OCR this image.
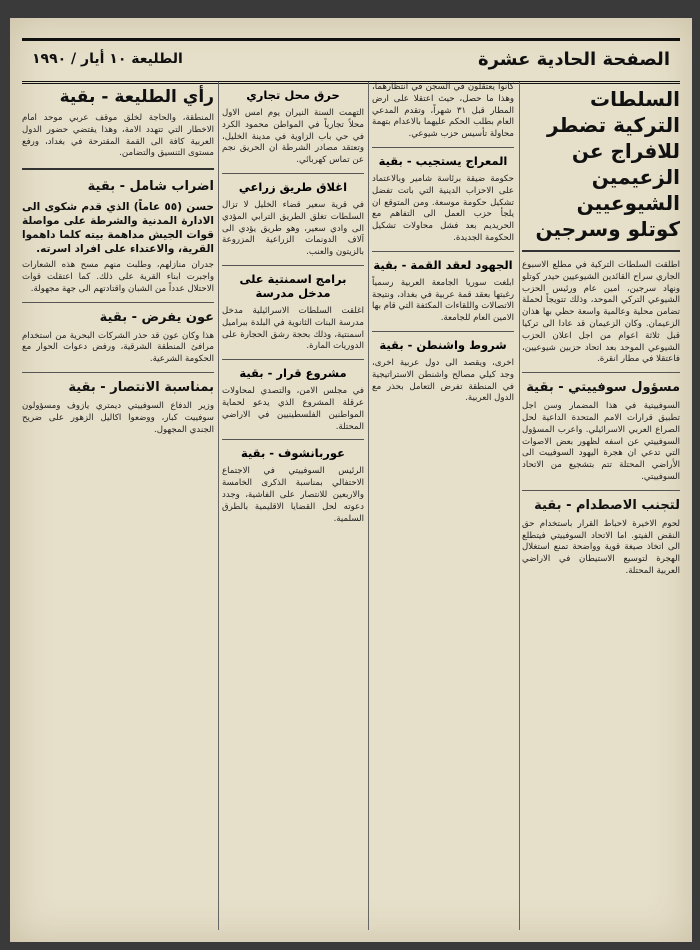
الصفحة الحادية عشرة
الطليعة ١٠ أيار / ١٩٩٠
السلطات التركية تضطر للافراج عن الزعيمين الشيوعيين كوتلو وسرجين

اطلقت السلطات التركية في مطلع الاسبوع الجاري سراح القائدين الشيوعيين حيدر كوتلو ونهاد سرجين، امين عام ورئيس الحزب الشيوعي التركي الموحد، وذلك تتويجاً لحملة تضامن محلية وعالمية واسعة حظي بها هذان الزعيمان. وكان الزعيمان قد عادا الى تركيا قبل ثلاثة اعوام من اجل اعلان الحزب الشيوعي الموحد بعد اتحاد حزبين شيوعيين، فاعتقلا في مطار انقرة.

مسؤول سوفييتي - بقية

السوفييتية في هذا المضمار وسن اجل تطبيق قرارات الامم المتحدة الداعية لحل الصراع العربي الاسرائيلي. واعرب المسؤول السوفييتي عن اسفه لظهور بعض الاصوات التي تدعي ان هجرة اليهود السوفييت الى الأراضي المحتلة تتم بتشجيع من الاتحاد السوفييتي.

لتجنب الاصطدام - بقية

لحوم الاخيرة لاحباط القرار باستخدام حق النقض الفيتو. اما الاتحاد السوفييتي فيتطلع الى اتخاذ صيغة قوية وواضحة تمنع استغلال الهجرة لتوسيع الاستيطان في الاراضي العربية المحتلة.

كانوا يعتقلون في السجن في انتظارهما، وهذا ما حصل، حيث اعتقلا على ارض المطار قبل ٣١ شهراً، وتقدم المدعي العام بطلب الحكم عليهما بالاعدام بتهمة محاولة تأسيس حزب شيوعي.

المعراج يستجيب - بقية

حكومة ضيقة برئاسة شامير وبالاعتماد على الاحزاب الدينية التي باتت تفضل تشكيل حكومة موسعة. ومن المتوقع ان يلجأ حزب العمل الى التفاهم مع الحريديم بعد فشل محاولات تشكيل الحكومة الجديدة.

الجهود لعقد القمة - بقية

ابلغت سوريا الجامعة العربية رسمياً رغبتها بعقد قمة عربية في بغداد، ونتيجة الاتصالات واللقاءات المكثفة التي قام بها الامين العام للجامعة.

شروط واشنطن - بقية

اخرى، ويقصد الى دول عربية اخرى، وجد كيلي مصالح واشنطن الاستراتيجية في المنطقة تفرض التعامل بحذر مع الدول العربية.

حرق محل تجاري

التهمت السنة النيران يوم امس الاول محلاً تجارياً في المواطن محمود الكرد في حي باب الزاوية في مدينة الخليل، وتعتقد مصادر الشرطة ان الحريق نجم عن تماس كهربائي.

اغلاق طريق زراعي

في قرية سعير قضاء الخليل لا تزال السلطات تغلق الطريق الترابي المؤدي الى وادي سعير، وهو طريق يؤدي الى آلاف الدونمات الزراعية المزروعة بالزيتون والعنب.

برامج اسمنتية على مدخل مدرسة

اغلقت السلطات الاسرائيلية مدخل مدرسة البنات الثانوية في البلدة ببراميل اسمنتية، وذلك بحجة رشق الحجارة على الدوريات المارة.

مشروع قرار - بقية

في مجلس الامن، والتصدي لمحاولات عرقلة المشروع الذي يدعو لحماية المواطنين الفلسطينيين في الاراضي المحتلة.

عوربانشوف - بقية

الرئيس السوفييتي في الاجتماع الاحتفالي بمناسبة الذكرى الخامسة والاربعين للانتصار على الفاشية، وجدد دعوته لحل القضايا الاقليمية بالطرق السلمية.

رأي الطليعة - بقية

المنطقة، والحاجة لخلق موقف عربي موحد امام الاخطار التي تتهدد الامة، وهذا يقتضي حضور الدول العربية كافة الى القمة المقترحة في بغداد، ورفع مستوى التنسيق والتضامن.

اضراب شامل - بقية
حسن (٥٥ عاماً) الذي قدم شكوى الى الادارة المدنية والشرطة على مواصلة قوات الجيش مداهمة بيته كلما داهموا القرية، والاعتداء على افراد اسرته.

جدران منازلهم، وطلبت منهم مسح هذه الشعارات واجبرت ابناء القرية على ذلك. كما اعتقلت قوات الاحتلال عدداً من الشبان واقتادتهم الى جهة مجهولة.

عون يفرض - بقية

هذا وكان عون قد حذر الشركات البحرية من استخدام مرافئ المنطقة الشرقية، ورفض دعوات الحوار مع الحكومة الشرعية.

بمناسبة الانتصار - بقية

وزير الدفاع السوفييتي ديمتري يازوف ومسؤولون سوفييت كبار، ووضعوا اكاليل الزهور على ضريح الجندي المجهول.
